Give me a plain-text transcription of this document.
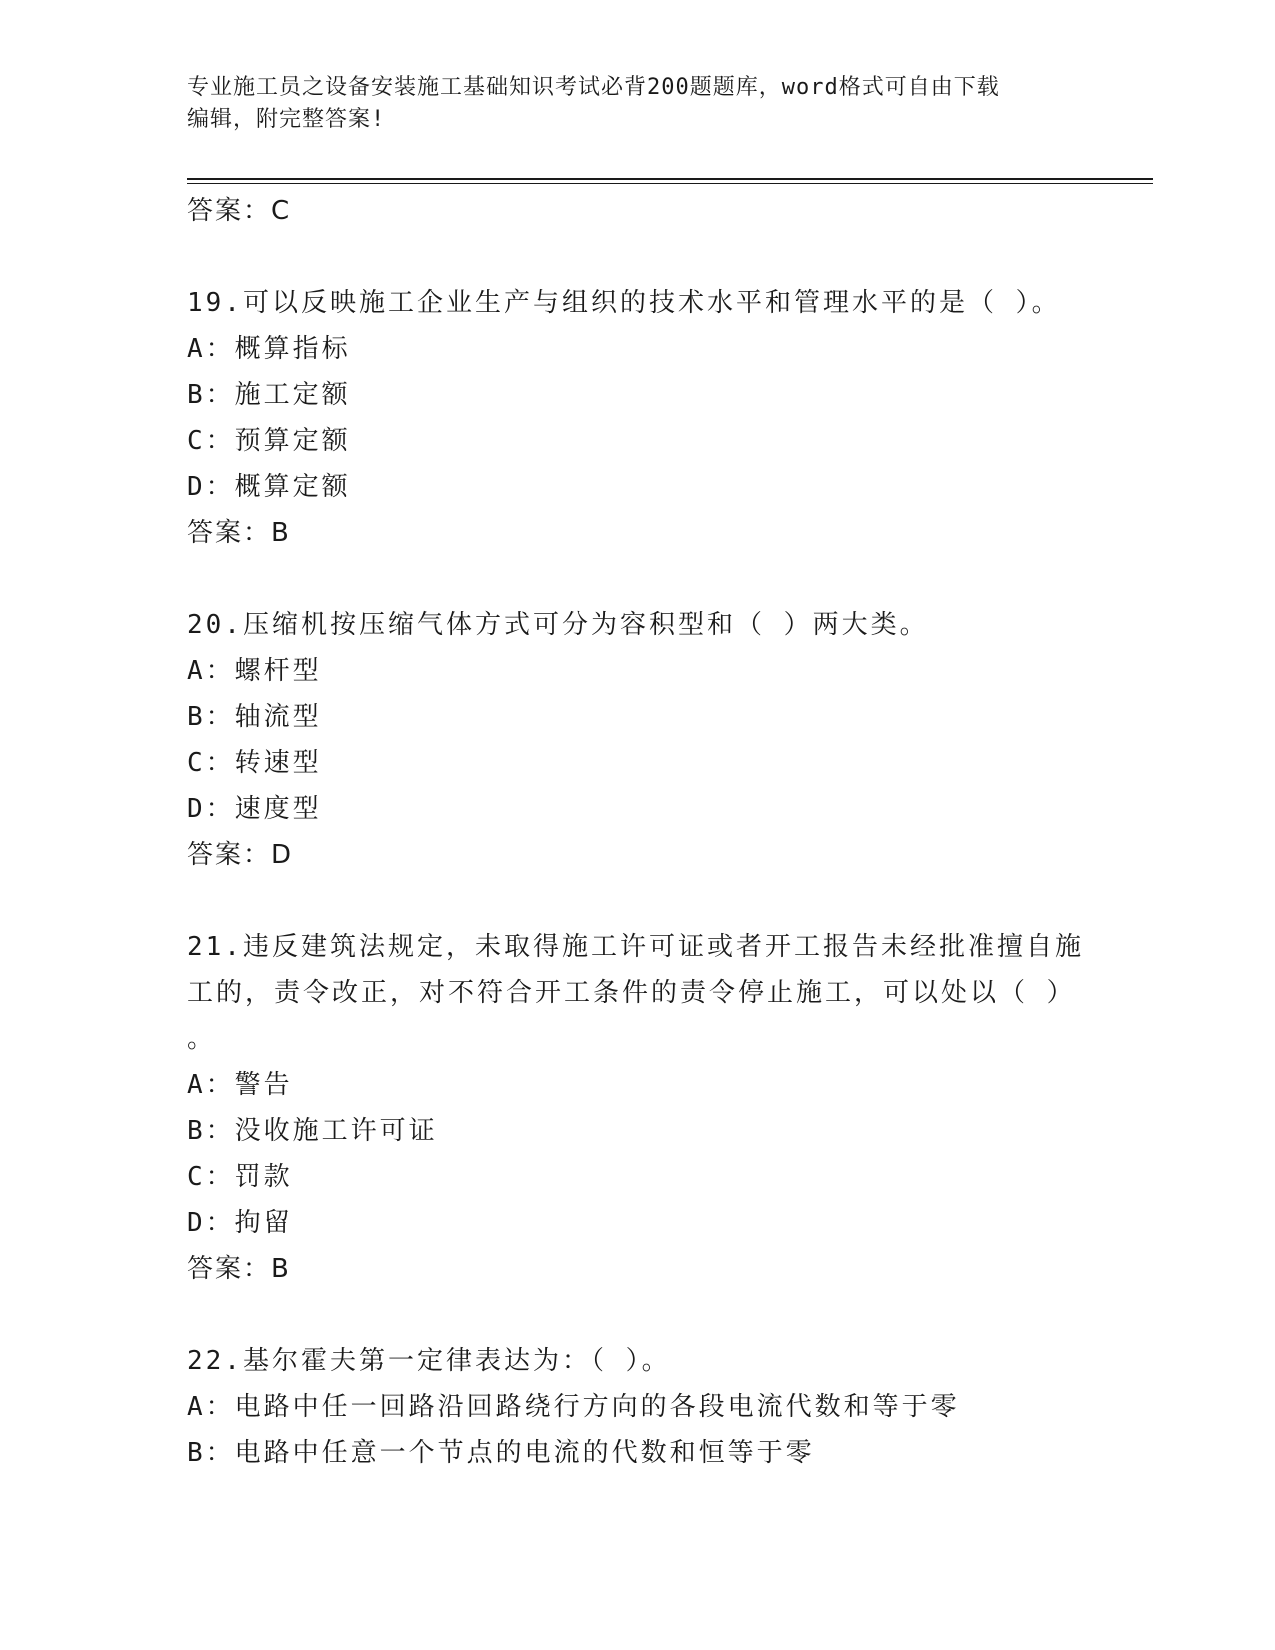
专业施工员之设备安装施工基础知识考试必背200题题库，word格式可自由下载
编辑，附完整答案!
答案：C
19.可以反映施工企业生产与组织的技术水平和管理水平的是（ ）。
A：概算指标
B：施工定额
C：预算定额
D：概算定额
答案：B
20.压缩机按压缩气体方式可分为容积型和（ ）两大类。
A：螺杆型
B：轴流型
C：转速型
D：速度型
答案：D
21.违反建筑法规定，未取得施工许可证或者开工报告未经批准擅自施
工的，责令改正，对不符合开工条件的责令停止施工，可以处以（ ）
。
A：警告
B：没收施工许可证
C：罚款
D：拘留
答案：B
22.基尔霍夫第一定律表达为：（ ）。
A：电路中任一回路沿回路绕行方向的各段电流代数和等于零
B：电路中任意一个节点的电流的代数和恒等于零
